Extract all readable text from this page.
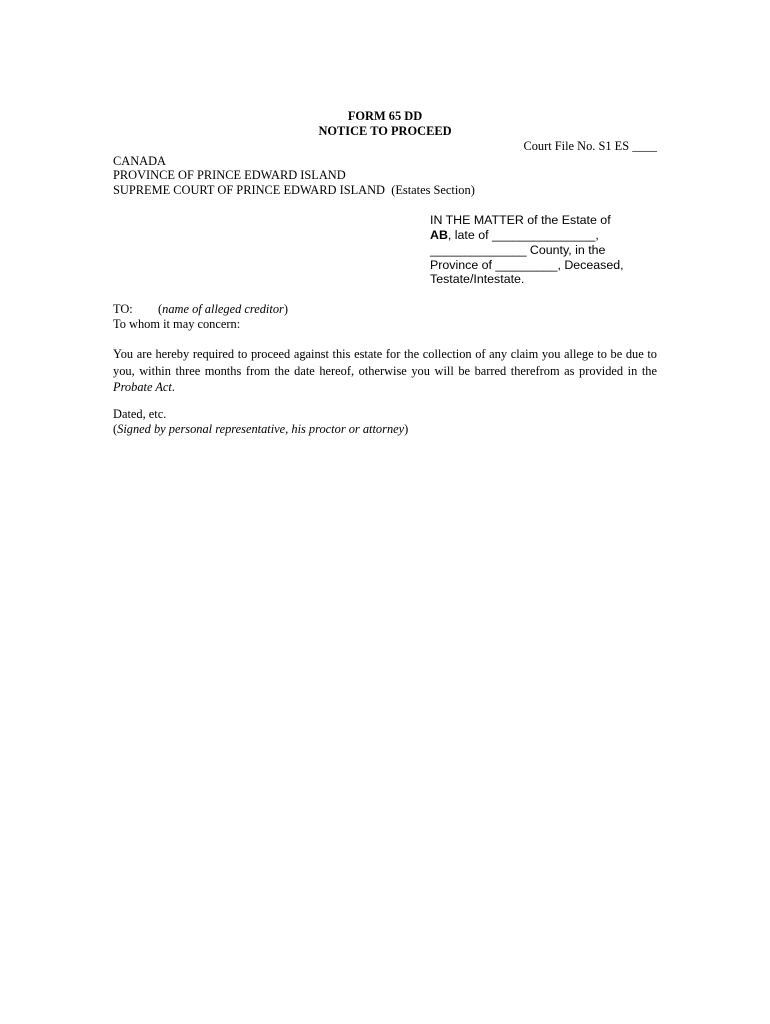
FORM 65 DD
NOTICE TO PROCEED
Court File No. S1 ES ____
CANADA
PROVINCE OF PRINCE EDWARD ISLAND
SUPREME COURT OF PRINCE EDWARD ISLAND (Estates Section)
IN THE MATTER of the Estate of
AB, late of _______________,
______________ County, in the
Province of _________, Deceased,
Testate/Intestate.
TO: (name of alleged creditor)
To whom it may concern:
You are hereby required to proceed against this estate for the collection of any claim you allege to be due to you, within three months from the date hereof, otherwise you will be barred therefrom as provided in the Probate Act.
Dated, etc.
(Signed by personal representative, his proctor or attorney)
